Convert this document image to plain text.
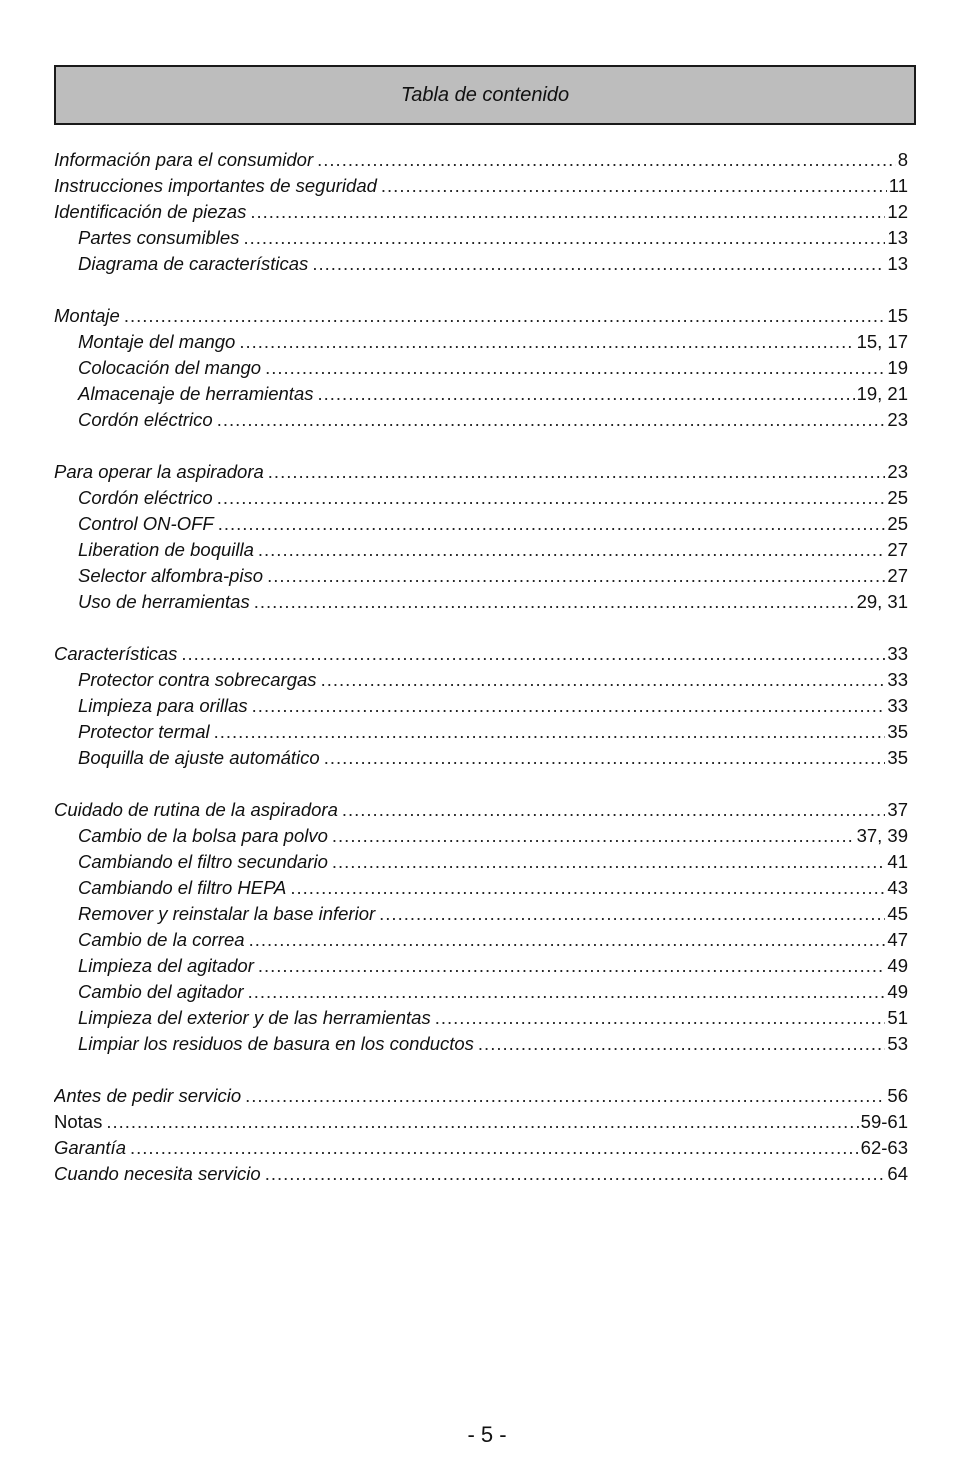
Tabla de contenido
Información para el consumidor .....	8
Instrucciones importantes de seguridad .....	11
Identificación de piezas .....	12
Partes consumibles .....	13
Diagrama de características .....	13
Montaje .....	15
Montaje del mango .....	15, 17
Colocación del mango .....	19
Almacenaje de herramientas .....	19, 21
Cordón eléctrico .....	23
Para operar la aspiradora .....	23
Cordón eléctrico .....	25
Control ON-OFF .....	25
Liberation de boquilla .....	27
Selector alfombra-piso .....	27
Uso de herramientas .....	29, 31
Características .....	33
Protector contra sobrecargas .....	33
Limpieza para orillas .....	33
Protector termal .....	35
Boquilla de ajuste automático .....	35
Cuidado de rutina de la aspiradora .....	37
Cambio de la bolsa para polvo .....	37, 39
Cambiando el filtro secundario .....	41
Cambiando el filtro HEPA .....	43
Remover y reinstalar la base inferior .....	45
Cambio de la correa .....	47
Limpieza del agitador .....	49
Cambio del agitador .....	49
Limpieza del exterior y de las herramientas .....	51
Limpiar los residuos de basura en los conductos .....	53
Antes de pedir servicio .....	56
Notas .....	59-61
Garantía .....	62-63
Cuando necesita servicio .....	64
- 5 -
